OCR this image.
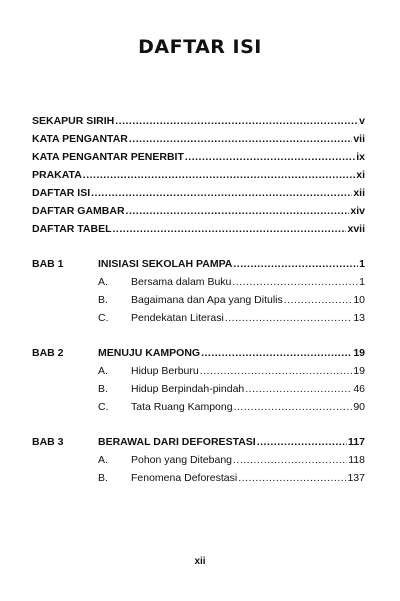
DAFTAR ISI
SEKAPUR SIRIH .....	v
KATA PENGANTAR .....	vii
KATA PENGANTAR PENERBIT .....	ix
PRAKATA .....	xi
DAFTAR ISI .....	xii
DAFTAR GAMBAR .....	xiv
DAFTAR TABEL .....	xvii
BAB 1	INISIASI SEKOLAH PAMPA .....	1
A. Bersama dalam Buku .....	1
B. Bagaimana dan Apa yang Ditulis .....	10
C. Pendekatan Literasi .....	13
BAB 2	MENUJU KAMPONG .....	19
A. Hidup Berburu .....	19
B. Hidup Berpindah-pindah .....	46
C. Tata Ruang Kampong .....	90
BAB 3	BERAWAL DARI DEFORESTASI .....	117
A. Pohon yang Ditebang .....	118
B. Fenomena Deforestasi .....	137
xii
